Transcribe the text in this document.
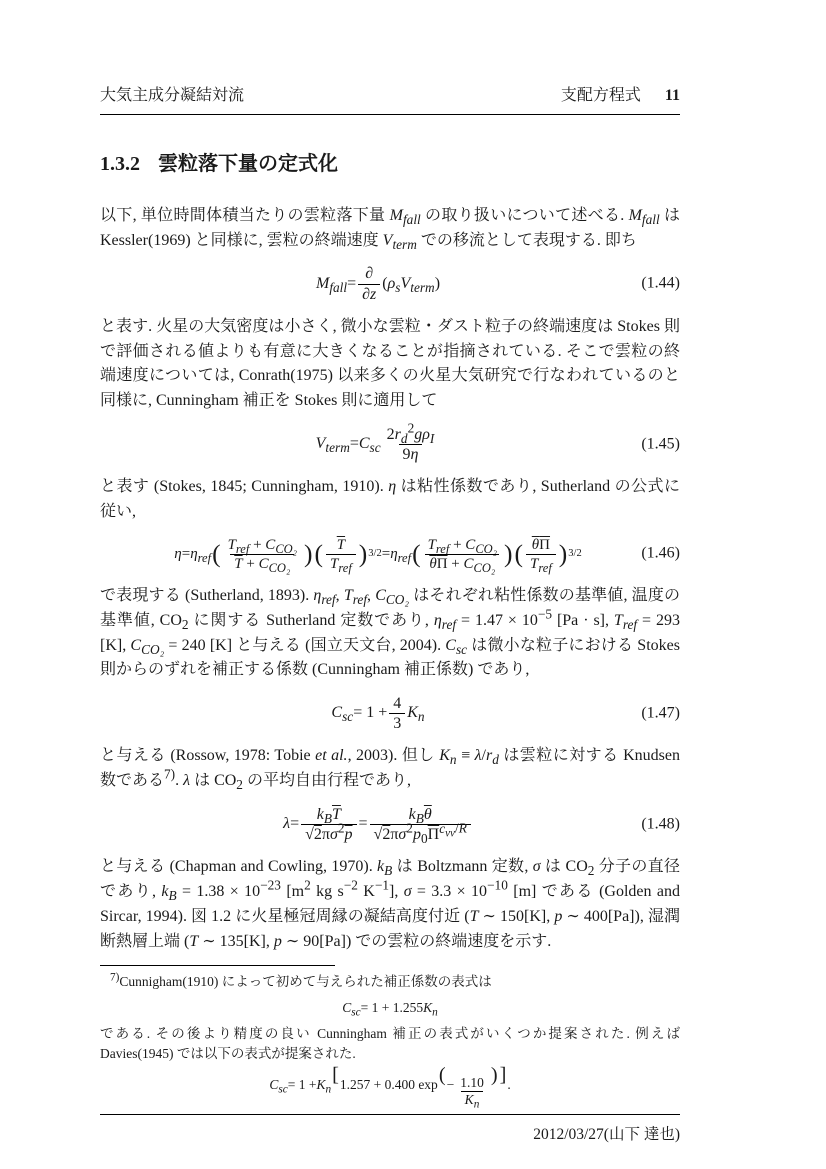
大気主成分凝結対流	支配方程式 11
1.3.2 雲粒落下量の定式化

以下, 単位時間体積当たりの雲粒落下量 $M_{fall}$ の取り扱いについて述べる. $M_{fall}$ は Kessler(1969) と同様に, 雲粒の終端速度 $V_{term}$ での移流として表現する. 即ち

$M_{fall} = \frac{\partial}{\partial z}$ ( $\rho_s$ $V_{term}$ )	(1.44)

と表す. 火星の大気密度は小さく, 微小な雲粒・ダスト粒子の終端速度は Stokes 則で評価される値よりも有意に大きくなることが指摘されている. そこで雲粒の終端速度については, Conrath(1975) 以来多くの火星大気研究で行なわれているのと同様に, Cunningham 補正を Stokes 則に適用して

$V_{term} = C_{sc} \frac{2r_d^2g\rho_I}{9\eta}$	(1.45)

と表す (Stokes, 1845; Cunningham, 1910). η は粘性係数であり, Sutherland の公式に従い,

$\eta = \eta_{ref}$ ( $\frac{T_{ref} + C_{CO_2}}{\overline{T} + C_{CO_2}}$ ) ( $\frac{\overline{T}}{T_{ref}}$ ) $3/2 = \eta_{ref}$ ( $\frac{T_{ref} + C_{CO_2}}{\theta\Pi + C_{CO_2}}$ ) ( $\frac{\theta\Pi}{T_{ref}}$ ) 3/2	(1.46)

で表現する (Sutherland, 1893). $\eta_{ref}$, $T_{ref}$, $C_{CO_2}$ はそれぞれ粘性係数の基準値, 温度の基準値, $CO_2$ に関する Sutherland 定数であり, $\eta_{ref} = 1.47 \times 10^{-5}$ [Pa · s], $T_{ref} = 293$ [K], $C_{CO_2} = 240$ [K] と与える (国立天文台, 2004). $C_{sc}$ は微小な粒子における Stokes 則からのずれを補正する係数 (Cunningham 補正係数) であり,

$C_{sc} = 1 + \frac{4}{3} K_n$	(1.47)

と与える (Rossow, 1978: Tobie et al., 2003). 但し $K_n \equiv \lambda/r_d$ は雲粒に対する Knudsen 数である$^{7)}$. λ は $CO_2$ の平均自由行程であり,

$\lambda = \frac{k_B\overline{T}}{√2\pi\sigma^2\overline{p}} = \frac{k_B\overline{\theta}}{√2\pi\sigma^2p_0\overline{\Pi}^{c_{vv}/R}}$	(1.48)

と与える (Chapman and Cowling, 1970). $k_B$ は Boltzmann 定数, σ は $CO_2$ 分子の直径であり, $k_B = 1.38 \times 10^{-23}$ [$m^2$ kg $s^{-2}$ $K^{-1}$], $\sigma = 3.3 \times 10^{-10}$ [m] である (Golden and Sircar, 1994). 図 1.2 に火星極冠周縁の凝結高度付近 (T ∼ 150[K], p ∼ 400[Pa]), 湿潤断熱層上端 (T ∼ 135[K], p ∼ 90[Pa]) での雲粒の終端速度を示す.

$^{7)}$Cunnigham(1910) によって初めて与えられた補正係数の表式は

$C_{sc} = 1 + 1.255$ $K_n$

である. その後より精度の良い Cunningham 補正の表式がいくつか提案された. 例えば Davies(1945) では以下の表式が提案された.

$C_{sc} = 1 + K_n$
[ 1.257 + 0.400 exp ( − $\frac{1.10}{K_n}$ ) ] .
2012/03/27(山下 達也)
